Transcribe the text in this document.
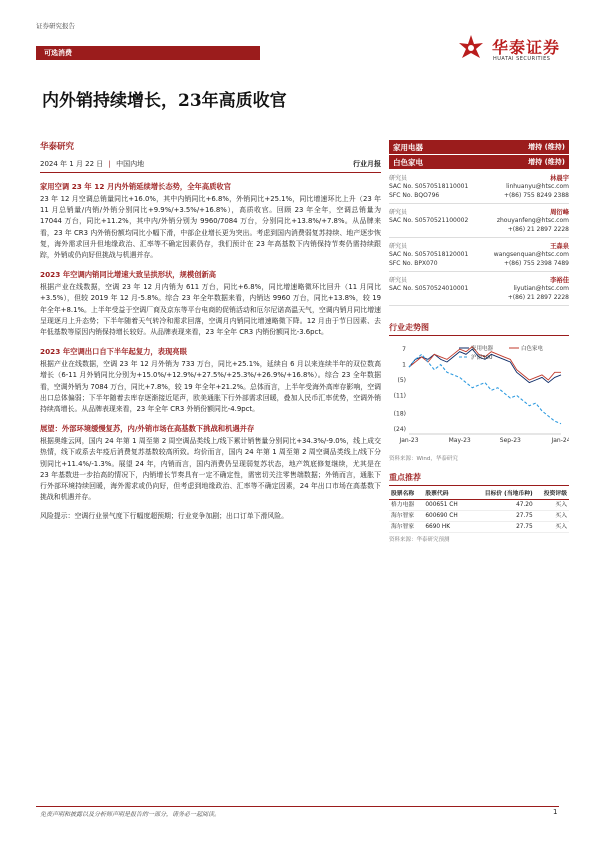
证券研究报告
可选消费	华泰证券
HUATAI SECURITIES
内外销持续增长，23年高质收官
华泰研究
2024 年 1 月 22 日 | 中国内地	行业月报
家用空调 23 年 12 月内外销延续增长态势，全年高质收官
23 年 12 月空调总销量同比+16.0%，其中内销同比+6.8%，外销同比+25.1%，同比增速环比上升（23 年 11 月总销量/内销/外销分别同比+9.9%/+3.5%/+16.8%），高质收官。回顾 23 年全年，空调总销量为 17044 万台，同比+11.2%，其中内/外销分别为 9960/7084 万台，分别同比+13.8%/+7.8%。从品牌来看，23 年 CR3 内外销份额均同比小幅下滑，中部企业增长更为突出。考虑到国内消费弱复苏持续、地产逐步恢复，海外需求回升但地缘政治、汇率等不确定因素仍存，我们预计在 23 年高基数下内销保持节奏仍需持续跟踪，外销或仍向好但挑战与机遇并存。
2023 年空调内销同比增速大致呈拱形状，规模创新高
根据产业在线数据，空调 23 年 12 月内销为 611 万台，同比+6.8%，同比增速略微环比回升（11 月同比+3.5%），但较 2019 年 12 月-5.8%。综合 23 年全年数据来看，内销达 9960 万台，同比+13.8%，较 19 年全年+8.1%。上半年受益于空调厂商及京东等平台电商的促销活动和厄尔尼诺高温天气，空调内销月同比增速呈现逐月上升态势；下半年随着天气转冷和需求回落，空调月内销同比增速略微下降。12 月由于节日因素、去年低基数等原因内销保持增长较好。从品牌表现来看，23 年全年 CR3 内销份额同比-3.6pct。
2023 年空调出口自下半年起复力，表现亮眼
根据产业在线数据，空调 23 年 12 月外销为 733 万台，同比+25.1%，延续自 6 月以来连续半年的双位数高增长（6-11 月外销同比分别为+15.0%/+12.9%/+27.5%/+25.3%/+26.9%/+16.8%）。综合 23 全年数据看，空调外销为 7084 万台，同比+7.8%，较 19 年全年+21.2%。总体而言，上半年受海外高库存影响，空调出口总体偏弱；下半年随着去库存逐渐接近尾声，欧美通胀下行外部需求回暖，叠加人民币汇率优势，空调外销持续高增长。从品牌表现来看，23 年全年 CR3 外销份额同比-4.9pct。
展望：外部环境缓慢复苏，内/外销市场在高基数下挑战和机遇并存
根据奥维云网，国内 24 年第 1 周至第 2 周空调品类线上/线下累计销售量分别同比+34.3%/-9.0%，线上成交热情，线下或系去年疫后消费复苏基数较高所致。均价而言，国内 24 年第 1 周至第 2 周空调品类线上/线下分别同比+11.4%/-1.3%。展望 24 年，内销而言，国内消费仍呈现弱复苏状态，地产筑底修复继续，尤其是在 23 年基数进一步抬高的情况下，内销增长节奏具有一定不确定性，需密切关注零售端数据；外销而言，通胀下行外部环境持续回暖，海外需求或仍向好，但考虑到地缘政治、汇率等不确定因素，24 年出口市场在高基数下挑战和机遇并存。
风险提示：空调行业景气度下行幅度超预期；行业竞争加剧；出口订单下滑风险。
家用电器	增持 (维持)
白色家电	增持 (维持)
研究员	林晨宇
SAC No. S0570518110001	linhuanyu@htsc.com
SFC No. BQO796	+(86) 755 8249 2388
研究员	周衍峰
SAC No. S0570521100002	zhouyanfeng@htsc.com
+(86) 21 2897 2228
研究员	王森泉
SAC No. S0570518120001	wangsenquan@htsc.com
SFC No. BPX070	+(86) 755 2398 7489
研究员	李裕佳
SAC No. S0570524010001	liyutian@htsc.com
+(86) 21 2897 2228
行业走势图
7
1
(5)
(11)
(18)
(24)
Jan-23	May-23	Sep-23	Jan-24
家用电器	白色家电
沪深300
资料来源：Wind，华泰研究
重点推荐
股票名称	股票代码	目标价 (当地币种)	投资评级
格力电器	000651 CH	47.20	买入
海尔智家	600690 CH	27.75	买入
海尔智家	6690 HK	27.75	买入
资料来源：华泰研究预测
免责声明和披露以及分析师声明是报告的一部分，请务必一起阅读。	1
